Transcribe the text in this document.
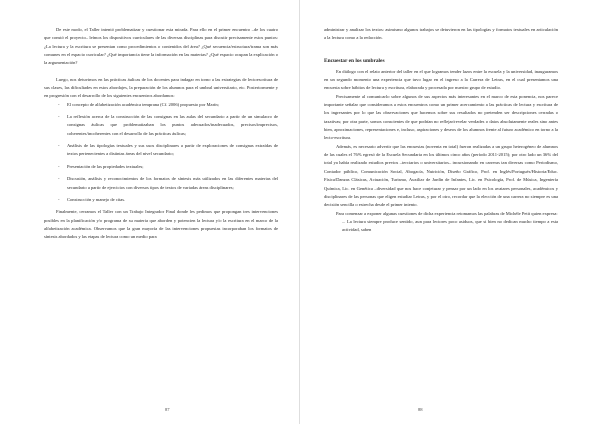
De este modo, el Taller intentó problematizar y cuestionar esta mirada. Para ello en el primer encuentro –de los cuatro que constó el proyecto– leímos los dispositivos curriculares de las diversas disciplinas para discutir precisamente estos puntos: ¿La lectura y la escritura se presentan como procedimientos o contenidos del área? ¿Qué secuencia/estructura/trama son más comunes en el espacio curricular? ¿Qué importancia tiene la información en las materias? ¿Qué espacio ocupan la explicación o la argumentación?

Luego, nos detuvimos en las prácticas áulicas de los docentes para indagar en torno a las estrategias de lectoescritura de sus clases, las dificultades en estos abordajes, la preparación de los alumnos para el umbral universitario, etc. Posteriormente y en progresión con el desarrollo de los siguientes encuentros abordamos:

- El concepto de alfabetización académica temprana (Cf. 2006) propuesto por Marín;
- La reflexión acerca de la construcción de las consignas en las aulas del secundario a partir de un simulacro de consignas áulicas que problematizaban los puntos adecuados/inadecuados, precisos/imprecisos, coherentes/incoherentes con el desarrollo de las prácticas áulicas;
- Análisis de las tipologías textuales y sus usos disciplinares a partir de exploraciones de consignas extraídas de textos pertenecientes a distintas áreas del nivel secundario;
- Presentación de las propiedades textuales;
- Discusión, análisis y reconocimientos de los formatos de síntesis más utilizados en las diferentes materias del secundario a partir de ejercicios con diversos tipos de textos de variadas áreas disciplinares;
- Construcción y manejo de citas.

Finalmente, cerramos el Taller con un Trabajo Integrador Final donde les pedimos que propongan tres intervenciones posibles en la planificación y/o programa de su materia que aborden y potencien la lectura y/o la escritura en el marco de la alfabetización académica. Observamos que la gran mayoría de las intervenciones propuestas incorporaban los formatos de síntesis abordados y las etapas de lectura como un medio para

87

administrar y analizar los textos: asimismo algunos trabajos se detuvieron en las tipologías y formatos textuales en articulación a la lectura como a la redacción.

Encuestar en los umbrales

En diálogo con el relato anterior del taller en el que logramos tender lazos entre la escuela y la universidad, inauguramos en un segundo momento una experiencia que tuvo lugar en el ingreso a la Carrera de Letras, en el cual presentamos una encuesta sobre hábitos de lectura y escritura, elaborada y procesada por nuestro grupo de estudio.

Precisamente al comunicarlo sobre algunos de sus aspectos más interesantes en el marco de esta ponencia, nos parece importante señalar que consideramos a estos encuentros como un primer acercamiento a las prácticas de lectura y escritura de los ingresantes por lo que las observaciones que hacemos sobre sus resultados no pretenden ser descripciones cerradas o taxativas; por otra parte, somos conscientes de que podrían no reflejar/revelar verdades o datos absolutamente reales sino antes bien, aproximaciones, representaciones e, incluso, aspiraciones y deseos de los alumnos frente al futuro académico en torno a la lecto-escritura.

Además, es necesario advertir que las encuestas (noventa en total) fueron realizadas a un grupo heterogéneo de alumnos de las cuales el 76% egresó de la Escuela Secundaria en los últimos cinco años (período 2011-2015); por otro lado un 36% del total ya había realizado estudios previos –terciarios o universitarios– incursionando en carreras tan diversas como Periodismo, Contador público, Comunicación Social, Abogacía, Nutrición, Diseño Gráfico, Prof. en Inglés/Portugués/Historia/Educ. Física/Danzas Clásicas, Actuación, Turismo, Auxiliar de Jardín de Infantes, Lic. en Psicología, Prof. de Música, Ingeniería Química, Lic. en Genética –diversidad que nos hace conjeturar y pensar por un lado en los avatares personales, académicos y disciplinares de las personas que eligen estudiar Letras, y por el otro, recordar que la elección de una carrera no siempre es una decisión sencilla o estrecha desde el primer intento.

Para comenzar a exponer algunas cuestiones de dicha experiencia retomamos las palabras de Michèle Petit quien expresa:

... La lectura siempre produce sentido, aun para lectores poco asiduos, que si bien no dedican mucho tiempo a esta actividad, saben
88
